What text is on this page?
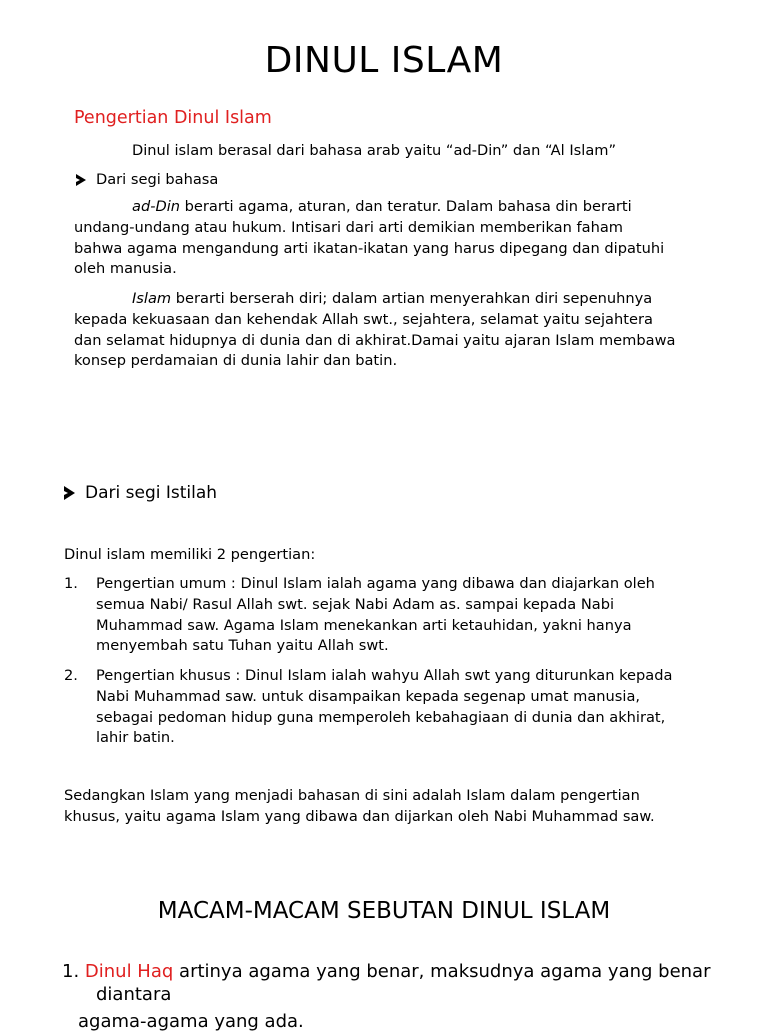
DINUL ISLAM
Pengertian Dinul Islam
Dinul islam berasal dari bahasa arab yaitu “ad-Din” dan “Al Islam”
Dari segi bahasa
ad-Din berarti agama, aturan, dan teratur. Dalam bahasa din berarti
undang-undang atau hukum. Intisari dari arti demikian memberikan faham
bahwa agama mengandung arti ikatan-ikatan yang harus dipegang dan dipatuhi
oleh manusia.
Islam berarti berserah diri; dalam artian menyerahkan diri sepenuhnya
kepada kekuasaan dan kehendak Allah swt., sejahtera, selamat yaitu sejahtera
dan selamat hidupnya di dunia dan di akhirat.Damai yaitu ajaran Islam membawa
konsep perdamaian di dunia lahir dan batin.
Dari segi Istilah
Dinul islam memiliki 2 pengertian:
1. Pengertian umum : Dinul Islam ialah agama yang dibawa dan diajarkan oleh
semua Nabi/ Rasul Allah swt. sejak Nabi Adam as. sampai kepada Nabi
Muhammad saw. Agama Islam menekankan arti ketauhidan, yakni hanya
menyembah satu Tuhan yaitu Allah swt.
2. Pengertian khusus : Dinul Islam ialah wahyu Allah swt yang diturunkan kepada
Nabi Muhammad saw. untuk disampaikan kepada segenap umat manusia,
sebagai pedoman hidup guna memperoleh kebahagiaan di dunia dan akhirat,
lahir batin.
Sedangkan Islam yang menjadi bahasan di sini adalah Islam dalam pengertian
khusus, yaitu agama Islam yang dibawa dan dijarkan oleh Nabi Muhammad saw.
MACAM-MACAM SEBUTAN DINUL ISLAM
1. Dinul Haq artinya agama yang benar, maksudnya agama yang benar
diantara
agama-agama yang ada.
